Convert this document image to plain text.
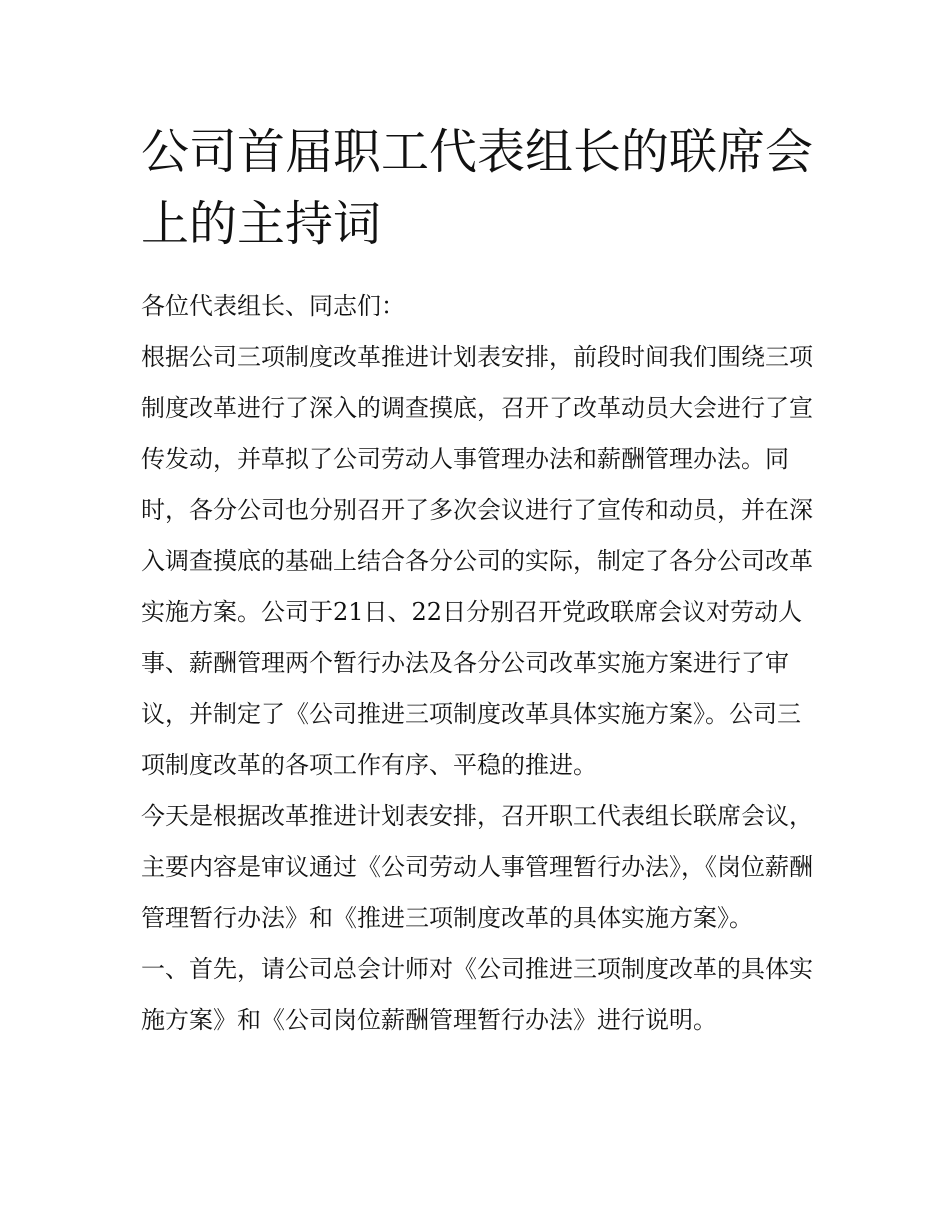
公司首届职工代表组长的联席会上的主持词

各位代表组长、同志们：

根据公司三项制度改革推进计划表安排，前段时间我们围绕三项制度改革进行了深入的调查摸底，召开了改革动员大会进行了宣传发动，并草拟了公司劳动人事管理办法和薪酬管理办法。同时，各分公司也分别召开了多次会议进行了宣传和动员，并在深入调查摸底的基础上结合各分公司的实际，制定了各分公司改革实施方案。公司于21日、22日分别召开党政联席会议对劳动人事、薪酬管理两个暂行办法及各分公司改革实施方案进行了审议，并制定了《公司推进三项制度改革具体实施方案》。公司三项制度改革的各项工作有序、平稳的推进。

今天是根据改革推进计划表安排，召开职工代表组长联席会议，主要内容是审议通过《公司劳动人事管理暂行办法》，《岗位薪酬管理暂行办法》和《推进三项制度改革的具体实施方案》。

一、首先，请公司总会计师对《公司推进三项制度改革的具体实施方案》和《公司岗位薪酬管理暂行办法》进行说明。
